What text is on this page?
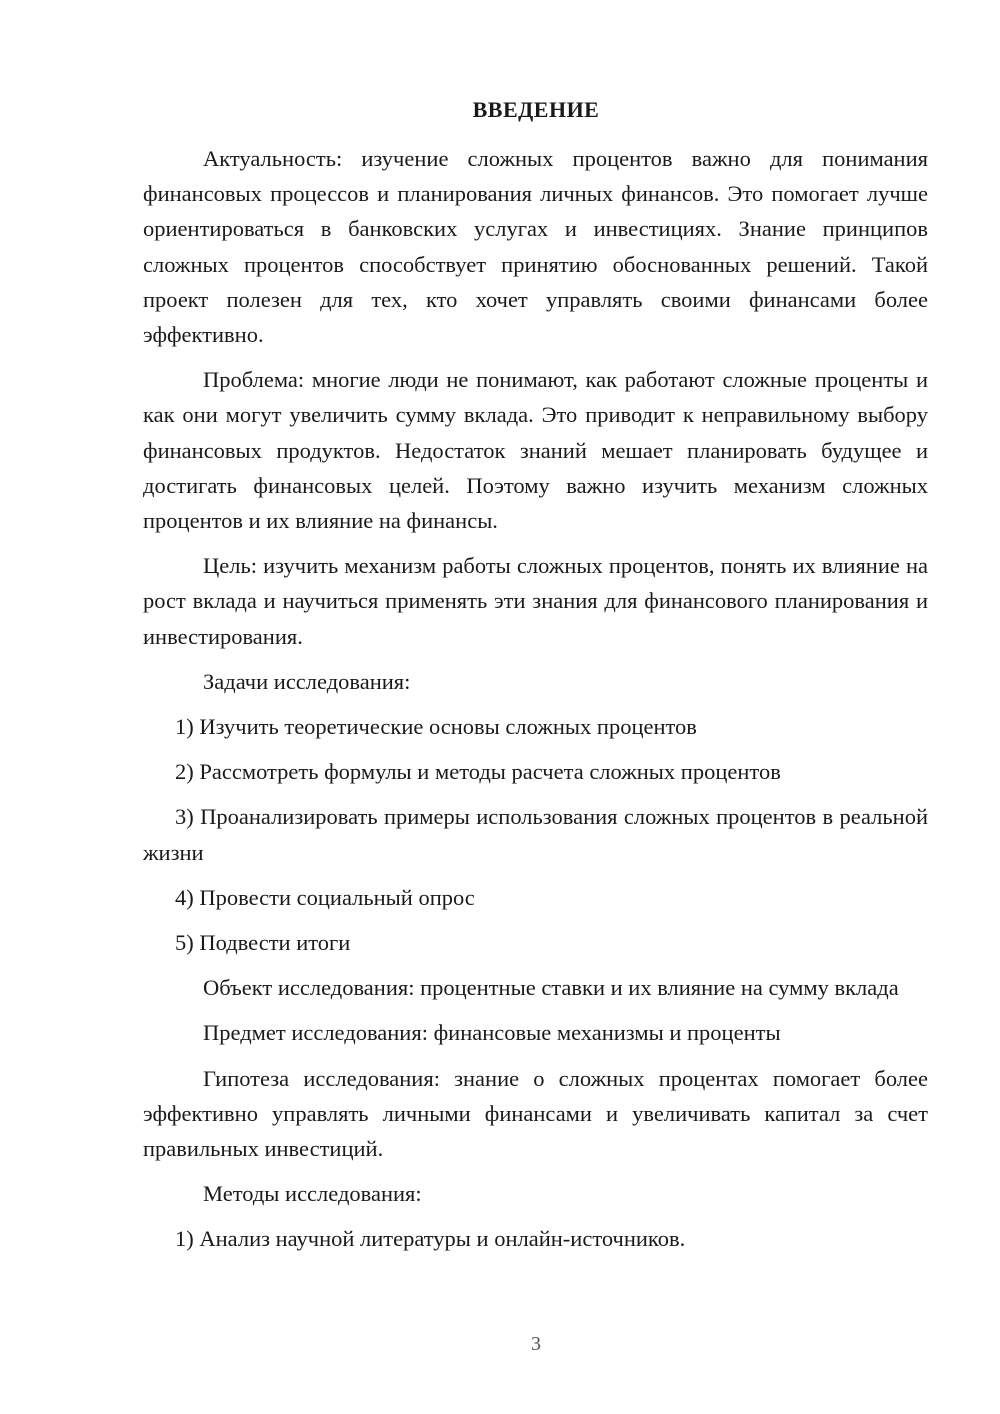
ВВЕДЕНИЕ

Актуальность: изучение сложных процентов важно для понимания финансовых процессов и планирования личных финансов. Это помогает лучше ориентироваться в банковских услугах и инвестициях. Знание принципов сложных процентов способствует принятию обоснованных решений. Такой проект полезен для тех, кто хочет управлять своими финансами более эффективно.

Проблема: многие люди не понимают, как работают сложные проценты и как они могут увеличить сумму вклада. Это приводит к неправильному выбору финансовых продуктов. Недостаток знаний мешает планировать будущее и достигать финансовых целей. Поэтому важно изучить механизм сложных процентов и их влияние на финансы.

Цель: изучить механизм работы сложных процентов, понять их влияние на рост вклада и научиться применять эти знания для финансового планирования и инвестирования.

Задачи исследования:

1) Изучить теоретические основы сложных процентов

2) Рассмотреть формулы и методы расчета сложных процентов

3) Проанализировать примеры использования сложных процентов в реальной жизни

4) Провести социальный опрос

5) Подвести итоги

Объект исследования: процентные ставки и их влияние на сумму вклада

Предмет исследования: финансовые механизмы и проценты

Гипотеза исследования: знание о сложных процентах помогает более эффективно управлять личными финансами и увеличивать капитал за счет правильных инвестиций.

Методы исследования:

1) Анализ научной литературы и онлайн-источников.

3
